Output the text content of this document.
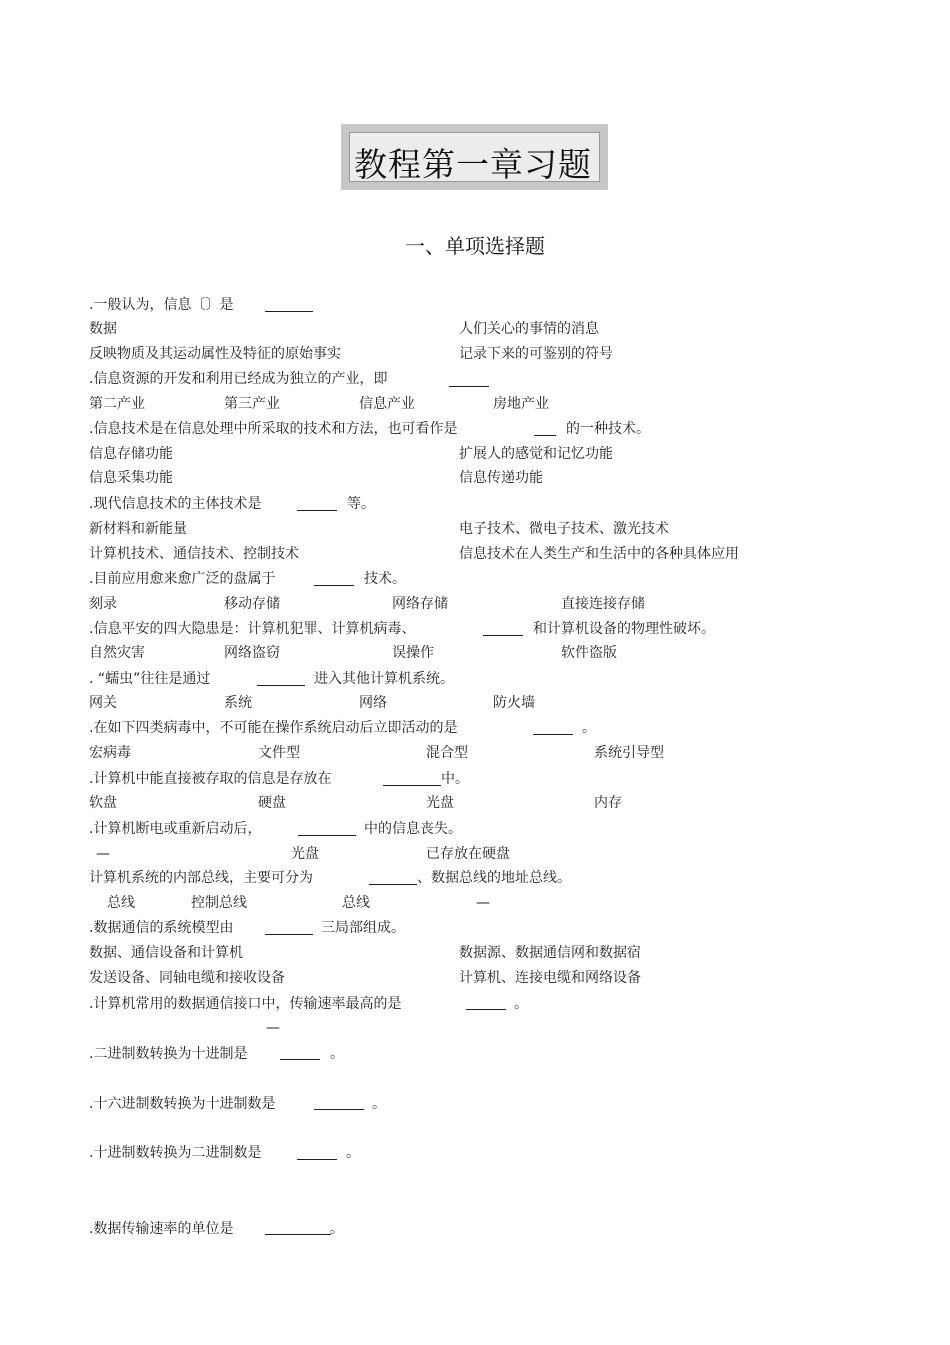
教程第一章习题
一、单项选择题
.一般认为，信息〔〕是
数据	人们关心的事情的消息
反映物质及其运动属性及特征的原始事实	记录下来的可鉴别的符号
.信息资源的开发和利用已经成为独立的产业，即
第二产业	第三产业	信息产业	房地产业
.信息技术是在信息处理中所采取的技术和方法，也可看作是	的一种技术。
信息存储功能	扩展人的感觉和记忆功能
信息采集功能	信息传递功能
.现代信息技术的主体技术是	等。
新材料和新能量	电子技术、微电子技术、激光技术
计算机技术、通信技术、控制技术	信息技术在人类生产和生活中的各种具体应用
.目前应用愈来愈广泛的盘属于	技术。
刻录	移动存储	网络存储	直接连接存储
.信息平安的四大隐患是：计算机犯罪、计算机病毒、	和计算机设备的物理性破坏。
自然灾害	网络盗窃	误操作	软件盗版
. “蠕虫”往往是通过	进入其他计算机系统。
网关	系统	网络	防火墙
.在如下四类病毒中，不可能在操作系统启动后立即活动的是	。
宏病毒	文件型	混合型	系统引导型
.计算机中能直接被存取的信息是存放在	中。
软盘	硬盘	光盘	内存
.计算机断电或重新启动后，	中的信息丧失。
—	光盘	已存放在硬盘
计算机系统的内部总线，主要可分为	、数据总线的地址总线。
总线	控制总线	总线	—
.数据通信的系统模型由	三局部组成。
数据、通信设备和计算机	数据源、数据通信网和数据宿
发送设备、同轴电缆和接收设备	计算机、连接电缆和网络设备
.计算机常用的数据通信接口中，传输速率最高的是	。
—
.二进制数转换为十进制是	。
.十六进制数转换为十进制数是	。
.十进制数转换为二进制数是	。
.数据传输速率的单位是	。
